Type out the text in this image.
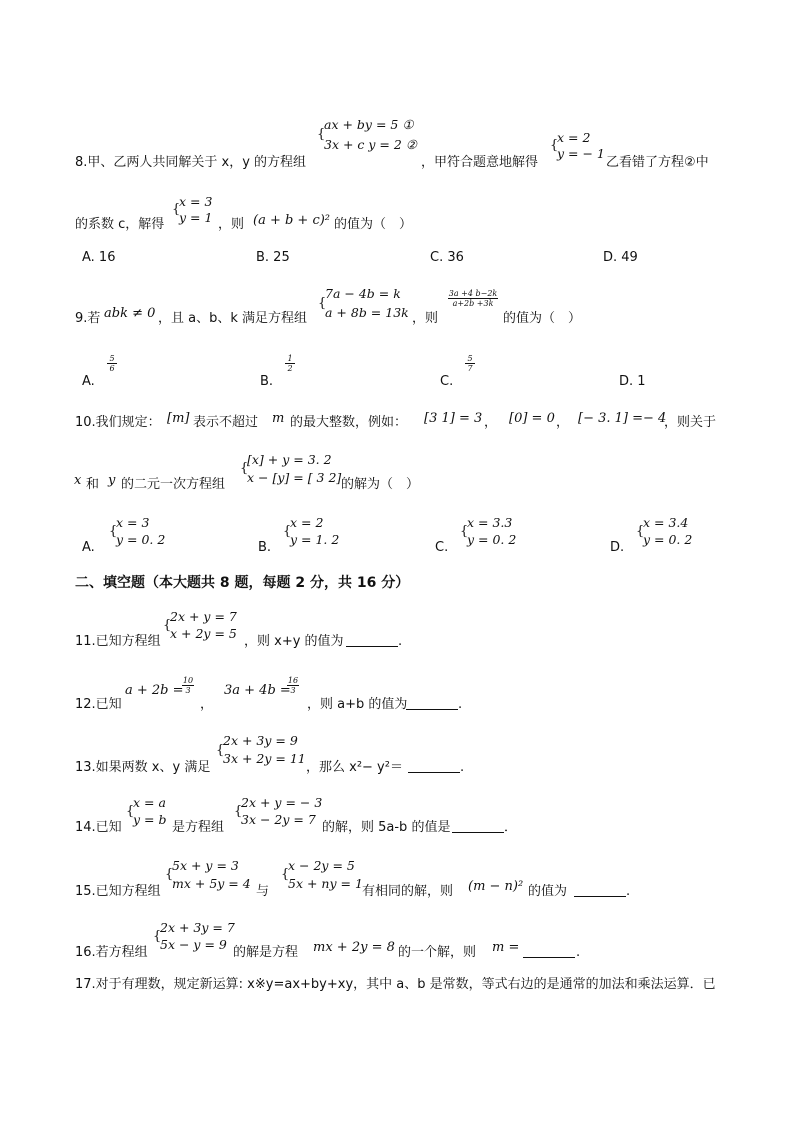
8.甲、乙两人共同解关于 x，y 的方程组
{
ax + by = 5 ①
3x + c y = 2 ②
，甲符合题意地解得
{
x = 2
y = − 1
乙看错了方程②中
的系数 c，解得
{
x = 3
y = 1 ，则 (a + b + c)² 的值为（　）
A. 16	B. 25	C. 36	D. 49
9.若 abk ≠ 0 ，且 a、b、k 满足方程组
{
7a − 4b = k
a + 8b = 13k ，则
3a +4 b−2k
a+2b +3k
的值为（　）
A.
5
6
B.
1
2
C.
5
7
D. 1
10.我们规定： [m] 表示不超过 m 的最大整数，例如： [3 1] = 3 ， [0] = 0 ， [− 3. 1] =− 4
，则关于
x 和 y 的二元一次方程组
{
[x] + y = 3. 2
x − [y] = [ 3 2] 的解为（　）
A.
{
x = 3
y = 0. 2
B.
{
x = 2
y = 1. 2
C.
{
x = 3.3
y = 0. 2
D.
{
x = 3.4
y = 0. 2
二、填空题（本大题共 8 题，每题 2 分，共 16 分）
11.已知方程组
{
2x + y = 7
x + 2y = 5
，则 x+y 的值为	.
12.已知
a + 2b =
10
3
，
3a + 4b =
16
3
，则 a+b 的值为	.
13.如果两数 x、y 满足
{
2x + 3y = 9
3x + 2y = 11
，那么 x²− y²＝	.
14.已知
{
x = a
y = b
是方程组
{
2x + y = − 3
3x − 2y = 7
的解，则 5a-b 的值是	．
15.已知方程组
{
5x + y = 3
mx + 5y = 4
与
{
x − 2y = 5
5x + ny = 1
有相同的解，则 (m − n)² 的值为	.
16.若方程组
{
2x + 3y = 7
5x − y = 9
的解是方程 mx + 2y = 8 的一个解，则 m =	.
17.对于有理数，规定新运算: x※y=ax+by+xy，其中 a、b 是常数，等式右边的是通常的加法和乘法运算．已
